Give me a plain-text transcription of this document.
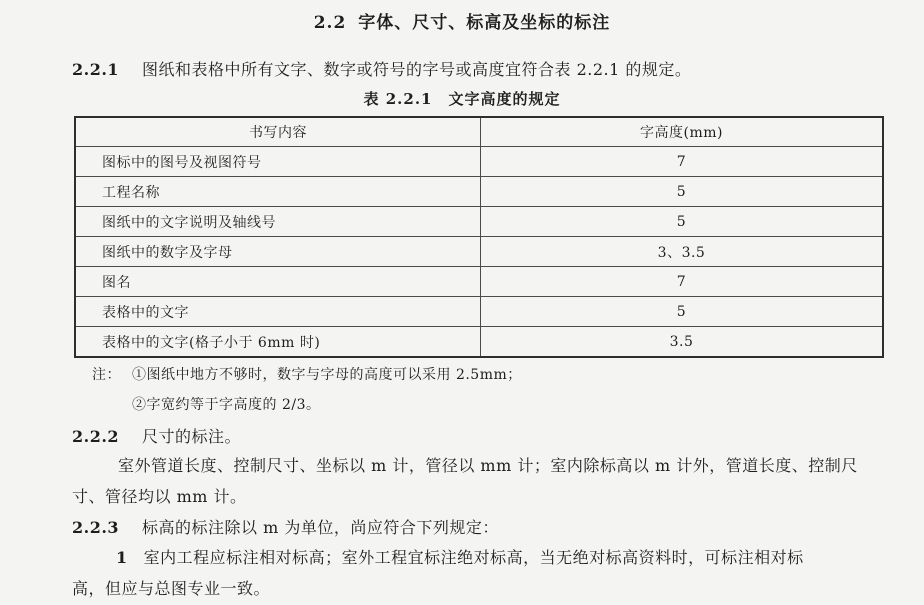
2.2 字体、尺寸、标高及坐标的标注
2.2.1 图纸和表格中所有文字、数字或符号的字号或高度宜符合表 2.2.1 的规定。
表 2.2.1 文字高度的规定
书写内容	字高度(mm)
图标中的图号及视图符号	7
工程名称	5
图纸中的文字说明及轴线号	5
图纸中的数字及字母	3、3.5
图名	7
表格中的文字	5
表格中的文字(格子小于 6mm 时)	3.5
注： ①图纸中地方不够时，数字与字母的高度可以采用 2.5mm；
②字宽约等于字高度的 2/3。
2.2.2 尺寸的标注。
室外管道长度、控制尺寸、坐标以 m 计，管径以 mm 计；室内除标高以 m 计外，管道长度、控制尺
寸、管径均以 mm 计。
2.2.3 标高的标注除以 m 为单位，尚应符合下列规定：
1 室内工程应标注相对标高；室外工程宜标注绝对标高，当无绝对标高资料时，可标注相对标
高，但应与总图专业一致。
